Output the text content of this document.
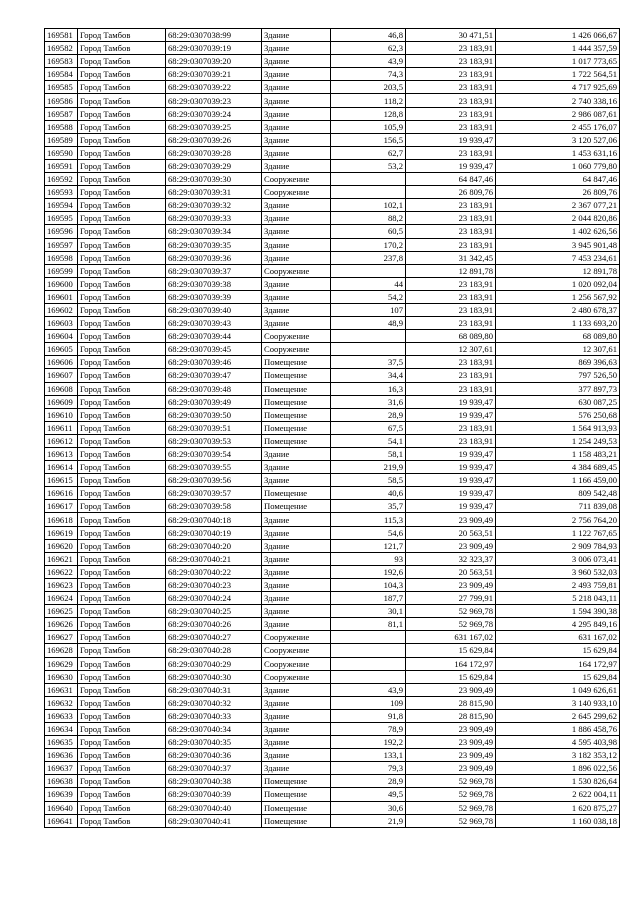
169581	Город Тамбов	68:29:0307038:99	Здание	46,8	30 471,51	1 426 066,67
169582	Город Тамбов	68:29:0307039:19	Здание	62,3	23 183,91	1 444 357,59
169583	Город Тамбов	68:29:0307039:20	Здание	43,9	23 183,91	1 017 773,65
169584	Город Тамбов	68:29:0307039:21	Здание	74,3	23 183,91	1 722 564,51
169585	Город Тамбов	68:29:0307039:22	Здание	203,5	23 183,91	4 717 925,69
169586	Город Тамбов	68:29:0307039:23	Здание	118,2	23 183,91	2 740 338,16
169587	Город Тамбов	68:29:0307039:24	Здание	128,8	23 183,91	2 986 087,61
169588	Город Тамбов	68:29:0307039:25	Здание	105,9	23 183,91	2 455 176,07
169589	Город Тамбов	68:29:0307039:26	Здание	156,5	19 939,47	3 120 527,06
169590	Город Тамбов	68:29:0307039:28	Здание	62,7	23 183,91	1 453 631,16
169591	Город Тамбов	68:29:0307039:29	Здание	53,2	19 939,47	1 060 779,80
169592	Город Тамбов	68:29:0307039:30	Сооружение		64 847,46	64 847,46
169593	Город Тамбов	68:29:0307039:31	Сооружение		26 809,76	26 809,76
169594	Город Тамбов	68:29:0307039:32	Здание	102,1	23 183,91	2 367 077,21
169595	Город Тамбов	68:29:0307039:33	Здание	88,2	23 183,91	2 044 820,86
169596	Город Тамбов	68:29:0307039:34	Здание	60,5	23 183,91	1 402 626,56
169597	Город Тамбов	68:29:0307039:35	Здание	170,2	23 183,91	3 945 901,48
169598	Город Тамбов	68:29:0307039:36	Здание	237,8	31 342,45	7 453 234,61
169599	Город Тамбов	68:29:0307039:37	Сооружение		12 891,78	12 891,78
169600	Город Тамбов	68:29:0307039:38	Здание	44	23 183,91	1 020 092,04
169601	Город Тамбов	68:29:0307039:39	Здание	54,2	23 183,91	1 256 567,92
169602	Город Тамбов	68:29:0307039:40	Здание	107	23 183,91	2 480 678,37
169603	Город Тамбов	68:29:0307039:43	Здание	48,9	23 183,91	1 133 693,20
169604	Город Тамбов	68:29:0307039:44	Сооружение		68 089,80	68 089,80
169605	Город Тамбов	68:29:0307039:45	Сооружение		12 307,61	12 307,61
169606	Город Тамбов	68:29:0307039:46	Помещение	37,5	23 183,91	869 396,63
169607	Город Тамбов	68:29:0307039:47	Помещение	34,4	23 183,91	797 526,50
169608	Город Тамбов	68:29:0307039:48	Помещение	16,3	23 183,91	377 897,73
169609	Город Тамбов	68:29:0307039:49	Помещение	31,6	19 939,47	630 087,25
169610	Город Тамбов	68:29:0307039:50	Помещение	28,9	19 939,47	576 250,68
169611	Город Тамбов	68:29:0307039:51	Помещение	67,5	23 183,91	1 564 913,93
169612	Город Тамбов	68:29:0307039:53	Помещение	54,1	23 183,91	1 254 249,53
169613	Город Тамбов	68:29:0307039:54	Здание	58,1	19 939,47	1 158 483,21
169614	Город Тамбов	68:29:0307039:55	Здание	219,9	19 939,47	4 384 689,45
169615	Город Тамбов	68:29:0307039:56	Здание	58,5	19 939,47	1 166 459,00
169616	Город Тамбов	68:29:0307039:57	Помещение	40,6	19 939,47	809 542,48
169617	Город Тамбов	68:29:0307039:58	Помещение	35,7	19 939,47	711 839,08
169618	Город Тамбов	68:29:0307040:18	Здание	115,3	23 909,49	2 756 764,20
169619	Город Тамбов	68:29:0307040:19	Здание	54,6	20 563,51	1 122 767,65
169620	Город Тамбов	68:29:0307040:20	Здание	121,7	23 909,49	2 909 784,93
169621	Город Тамбов	68:29:0307040:21	Здание	93	32 323,37	3 006 073,41
169622	Город Тамбов	68:29:0307040:22	Здание	192,6	20 563,51	3 960 532,03
169623	Город Тамбов	68:29:0307040:23	Здание	104,3	23 909,49	2 493 759,81
169624	Город Тамбов	68:29:0307040:24	Здание	187,7	27 799,91	5 218 043,11
169625	Город Тамбов	68:29:0307040:25	Здание	30,1	52 969,78	1 594 390,38
169626	Город Тамбов	68:29:0307040:26	Здание	81,1	52 969,78	4 295 849,16
169627	Город Тамбов	68:29:0307040:27	Сооружение		631 167,02	631 167,02
169628	Город Тамбов	68:29:0307040:28	Сооружение		15 629,84	15 629,84
169629	Город Тамбов	68:29:0307040:29	Сооружение		164 172,97	164 172,97
169630	Город Тамбов	68:29:0307040:30	Сооружение		15 629,84	15 629,84
169631	Город Тамбов	68:29:0307040:31	Здание	43,9	23 909,49	1 049 626,61
169632	Город Тамбов	68:29:0307040:32	Здание	109	28 815,90	3 140 933,10
169633	Город Тамбов	68:29:0307040:33	Здание	91,8	28 815,90	2 645 299,62
169634	Город Тамбов	68:29:0307040:34	Здание	78,9	23 909,49	1 886 458,76
169635	Город Тамбов	68:29:0307040:35	Здание	192,2	23 909,49	4 595 403,98
169636	Город Тамбов	68:29:0307040:36	Здание	133,1	23 909,49	3 182 353,12
169637	Город Тамбов	68:29:0307040:37	Здание	79,3	23 909,49	1 896 022,56
169638	Город Тамбов	68:29:0307040:38	Помещение	28,9	52 969,78	1 530 826,64
169639	Город Тамбов	68:29:0307040:39	Помещение	49,5	52 969,78	2 622 004,11
169640	Город Тамбов	68:29:0307040:40	Помещение	30,6	52 969,78	1 620 875,27
169641	Город Тамбов	68:29:0307040:41	Помещение	21,9	52 969,78	1 160 038,18
